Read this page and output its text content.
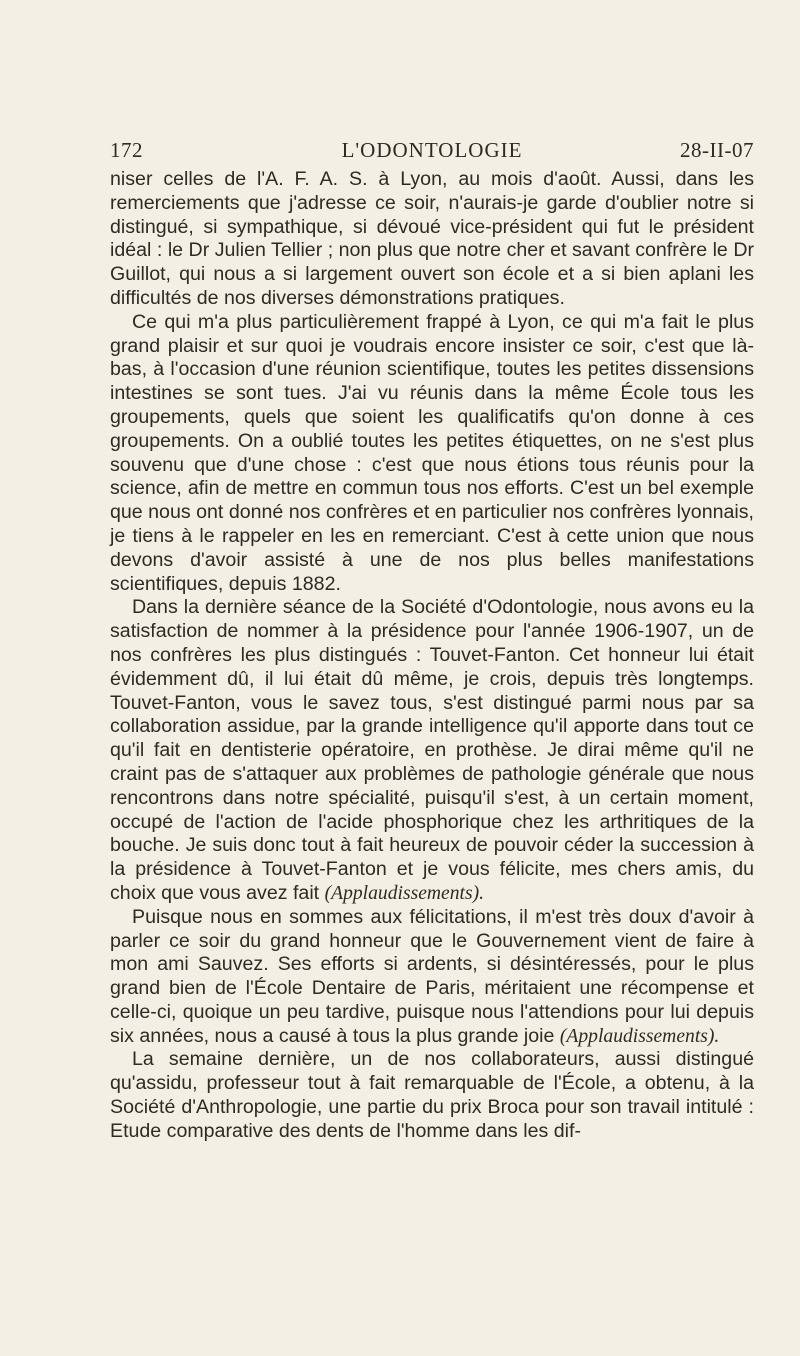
172	L'ODONTOLOGIE	28-II-07

niser celles de l'A. F. A. S. à Lyon, au mois d'août. Aussi, dans les remerciements que j'adresse ce soir, n'aurais-je garde d'oublier notre si distingué, si sympathique, si dévoué vice-président qui fut le président idéal : le Dr Julien Tellier ; non plus que notre cher et savant confrère le Dr Guillot, qui nous a si largement ouvert son école et a si bien aplani les difficultés de nos diverses démonstrations pratiques.

Ce qui m'a plus particulièrement frappé à Lyon, ce qui m'a fait le plus grand plaisir et sur quoi je voudrais encore insister ce soir, c'est que là-bas, à l'occasion d'une réunion scientifique, toutes les petites dissensions intestines se sont tues. J'ai vu réunis dans la même École tous les groupements, quels que soient les qualificatifs qu'on donne à ces groupements. On a oublié toutes les petites étiquettes, on ne s'est plus souvenu que d'une chose : c'est que nous étions tous réunis pour la science, afin de mettre en commun tous nos efforts. C'est un bel exemple que nous ont donné nos confrères et en particulier nos confrères lyonnais, je tiens à le rappeler en les en remerciant. C'est à cette union que nous devons d'avoir assisté à une de nos plus belles manifestations scientifiques, depuis 1882.

Dans la dernière séance de la Société d'Odontologie, nous avons eu la satisfaction de nommer à la présidence pour l'année 1906-1907, un de nos confrères les plus distingués : Touvet-Fanton. Cet honneur lui était évidemment dû, il lui était dû même, je crois, depuis très longtemps. Touvet-Fanton, vous le savez tous, s'est distingué parmi nous par sa collaboration assidue, par la grande intelligence qu'il apporte dans tout ce qu'il fait en dentisterie opératoire, en prothèse. Je dirai même qu'il ne craint pas de s'attaquer aux problèmes de pathologie générale que nous rencontrons dans notre spécialité, puisqu'il s'est, à un certain moment, occupé de l'action de l'acide phosphorique chez les arthritiques de la bouche. Je suis donc tout à fait heureux de pouvoir céder la succession à la présidence à Touvet-Fanton et je vous félicite, mes chers amis, du choix que vous avez fait (Applaudissements).

Puisque nous en sommes aux félicitations, il m'est très doux d'avoir à parler ce soir du grand honneur que le Gouvernement vient de faire à mon ami Sauvez. Ses efforts si ardents, si désintéressés, pour le plus grand bien de l'École Dentaire de Paris, méritaient une récompense et celle-ci, quoique un peu tardive, puisque nous l'attendions pour lui depuis six années, nous a causé à tous la plus grande joie (Applaudissements).

La semaine dernière, un de nos collaborateurs, aussi distingué qu'assidu, professeur tout à fait remarquable de l'École, a obtenu, à la Société d'Anthropologie, une partie du prix Broca pour son travail intitulé : Etude comparative des dents de l'homme dans les dif-
